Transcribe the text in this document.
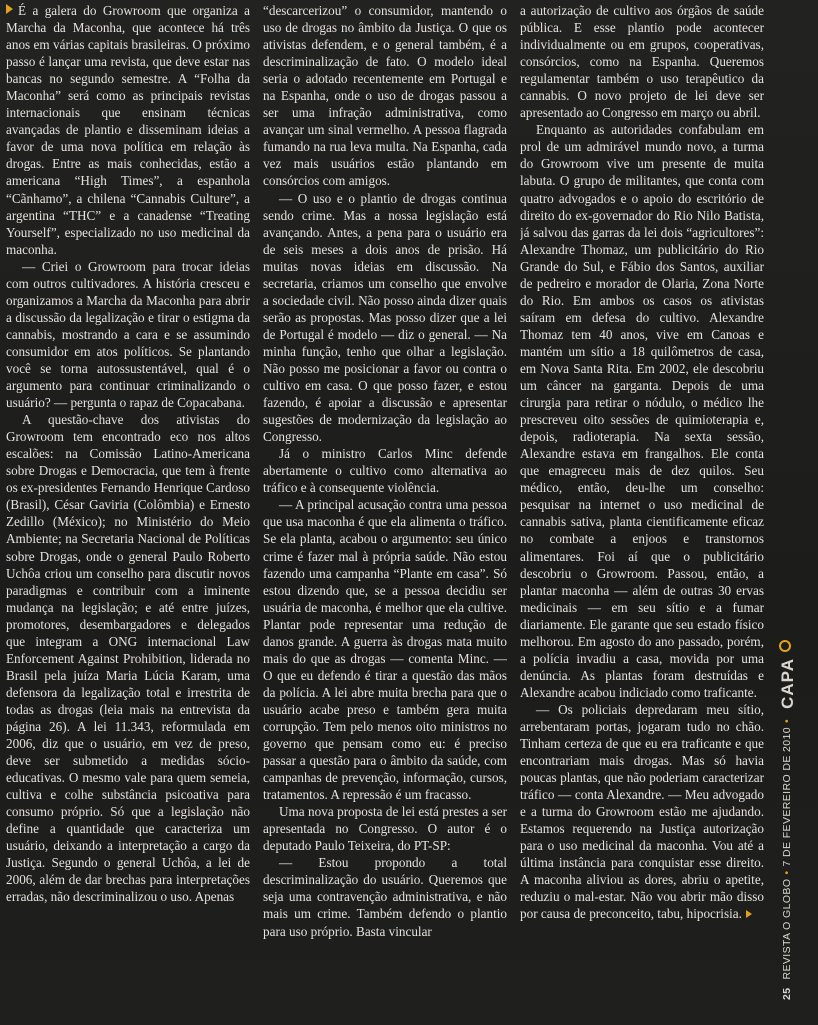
É a galera do Growroom que organiza a Marcha da Maconha, que acontece há três anos em várias capitais brasileiras. O próximo passo é lançar uma revista, que deve estar nas bancas no segundo semestre. A “Folha da Maconha” será como as principais revistas internacionais que ensinam técnicas avançadas de plantio e disseminam ideias a favor de uma nova política em relação às drogas. Entre as mais conhecidas, estão a americana “High Times”, a espanhola “Cãnhamo”, a chilena “Cannabis Culture”, a argentina “THC” e a canadense “Treating Yourself”, especializado no uso medicinal da maconha.

— Criei o Growroom para trocar ideias com outros cultivadores. A história cresceu e organizamos a Marcha da Maconha para abrir a discussão da legalização e tirar o estigma da cannabis, mostrando a cara e se assumindo consumidor em atos políticos. Se plantando você se torna autossustentável, qual é o argumento para continuar criminalizando o usuário? — pergunta o rapaz de Copacabana.

A questão-chave dos ativistas do Growroom tem encontrado eco nos altos escalões: na Comissão Latino-Americana sobre Drogas e Democracia, que tem à frente os ex-presidentes Fernando Henrique Cardoso (Brasil), César Gaviria (Colômbia) e Ernesto Zedillo (México); no Ministério do Meio Ambiente; na Secretaria Nacional de Políticas sobre Drogas, onde o general Paulo Roberto Uchôa criou um conselho para discutir novos paradigmas e contribuir com a iminente mudança na legislação; e até entre juízes, promotores, desembargadores e delegados que integram a ONG internacional Law Enforcement Against Prohibition, liderada no Brasil pela juíza Maria Lúcia Karam, uma defensora da legalização total e irrestrita de todas as drogas (leia mais na entrevista da página 26). A lei 11.343, reformulada em 2006, diz que o usuário, em vez de preso, deve ser submetido a medidas sócio-educativas. O mesmo vale para quem semeia, cultiva e colhe substância psicoativa para consumo próprio. Só que a legislação não define a quantidade que caracteriza um usuário, deixando a interpretação a cargo da Justiça. Segundo o general Uchôa, a lei de 2006, além de dar brechas para interpretações erradas, não descriminalizou o uso. Apenas

“descarcerizou” o consumidor, mantendo o uso de drogas no âmbito da Justiça. O que os ativistas defendem, e o general também, é a descriminalização de fato. O modelo ideal seria o adotado recentemente em Portugal e na Espanha, onde o uso de drogas passou a ser uma infração administrativa, como avançar um sinal vermelho. A pessoa flagrada fumando na rua leva multa. Na Espanha, cada vez mais usuários estão plantando em consórcios com amigos.

— O uso e o plantio de drogas continua sendo crime. Mas a nossa legislação está avançando. Antes, a pena para o usuário era de seis meses a dois anos de prisão. Há muitas novas ideias em discussão. Na secretaria, criamos um conselho que envolve a sociedade civil. Não posso ainda dizer quais serão as propostas. Mas posso dizer que a lei de Portugal é modelo — diz o general. — Na minha função, tenho que olhar a legislação. Não posso me posicionar a favor ou contra o cultivo em casa. O que posso fazer, e estou fazendo, é apoiar a discussão e apresentar sugestões de modernização da legislação ao Congresso.

Já o ministro Carlos Minc defende abertamente o cultivo como alternativa ao tráfico e à consequente violência.

— A principal acusação contra uma pessoa que usa maconha é que ela alimenta o tráfico. Se ela planta, acabou o argumento: seu único crime é fazer mal à própria saúde. Não estou fazendo uma campanha “Plante em casa”. Só estou dizendo que, se a pessoa decidiu ser usuária de maconha, é melhor que ela cultive. Plantar pode representar uma redução de danos grande. A guerra às drogas mata muito mais do que as drogas — comenta Minc. — O que eu defendo é tirar a questão das mãos da polícia. A lei abre muita brecha para que o usuário acabe preso e também gera muita corrupção. Tem pelo menos oito ministros no governo que pensam como eu: é preciso passar a questão para o âmbito da saúde, com campanhas de prevenção, informação, cursos, tratamentos. A repressão é um fracasso.

Uma nova proposta de lei está prestes a ser apresentada no Congresso. O autor é o deputado Paulo Teixeira, do PT-SP:

— Estou propondo a total descriminalização do usuário. Queremos que seja uma contravenção administrativa, e não mais um crime. Também defendo o plantio para uso próprio. Basta vincular

a autorização de cultivo aos órgãos de saúde pública. E esse plantio pode acontecer individualmente ou em grupos, cooperativas, consórcios, como na Espanha. Queremos regulamentar também o uso terapêutico da cannabis. O novo projeto de lei deve ser apresentado ao Congresso em março ou abril.

Enquanto as autoridades confabulam em prol de um admirável mundo novo, a turma do Growroom vive um presente de muita labuta. O grupo de militantes, que conta com quatro advogados e o apoio do escritório de direito do ex-governador do Rio Nilo Batista, já salvou das garras da lei dois “agricultores”: Alexandre Thomaz, um publicitário do Rio Grande do Sul, e Fábio dos Santos, auxiliar de pedreiro e morador de Olaria, Zona Norte do Rio. Em ambos os casos os ativistas saíram em defesa do cultivo. Alexandre Thomaz tem 40 anos, vive em Canoas e mantém um sítio a 18 quilômetros de casa, em Nova Santa Rita. Em 2002, ele descobriu um câncer na garganta. Depois de uma cirurgia para retirar o nódulo, o médico lhe prescreveu oito sessões de quimioterapia e, depois, radioterapia. Na sexta sessão, Alexandre estava em frangalhos. Ele conta que emagreceu mais de dez quilos. Seu médico, então, deu-lhe um conselho: pesquisar na internet o uso medicinal de cannabis sativa, planta cientificamente eficaz no combate a enjoos e transtornos alimentares. Foi aí que o publicitário descobriu o Growroom. Passou, então, a plantar maconha — além de outras 30 ervas medicinais — em seu sítio e a fumar diariamente. Ele garante que seu estado físico melhorou. Em agosto do ano passado, porém, a polícia invadiu a casa, movida por uma denúncia. As plantas foram destruídas e Alexandre acabou indiciado como traficante.

— Os policiais depredaram meu sítio, arrebentaram portas, jogaram tudo no chão. Tinham certeza de que eu era traficante e que encontrariam mais drogas. Mas só havia poucas plantas, que não poderiam caracterizar tráfico — conta Alexandre. — Meu advogado e a turma do Growroom estão me ajudando. Estamos requerendo na Justiça autorização para o uso medicinal da maconha. Vou até a última instância para conquistar esse direito. A maconha aliviou as dores, abriu o apetite, reduziu o mal-estar. Não vou abrir mão disso por causa de preconceito, tabu, hipocrisia.

25REVISTA O GLOBO•7 DE FEVEREIRO DE 2010•CAPA
